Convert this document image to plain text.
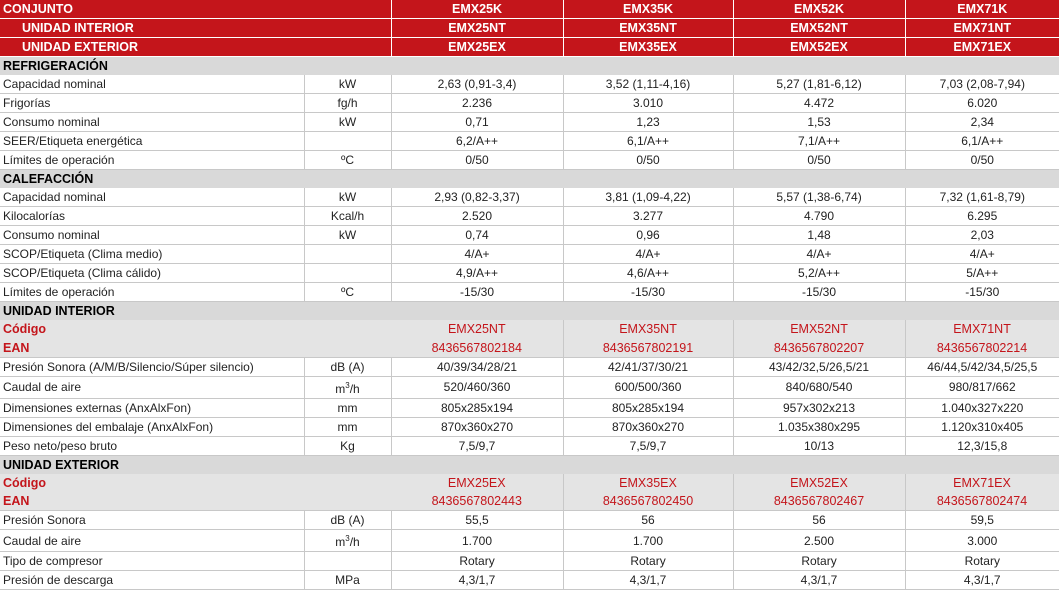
CONJUNTO		EMX25K	EMX35K	EMX52K	EMX71K
UNIDAD INTERIOR		EMX25NT	EMX35NT	EMX52NT	EMX71NT
UNIDAD EXTERIOR		EMX25EX	EMX35EX	EMX52EX	EMX71EX
REFRIGERACIÓN					
Capacidad nominal	kW	2,63 (0,91-3,4)	3,52 (1,11-4,16)	5,27 (1,81-6,12)	7,03 (2,08-7,94)
Frigorías	fg/h	2.236	3.010	4.472	6.020
Consumo nominal	kW	0,71	1,23	1,53	2,34
SEER/Etiqueta energética		6,2/A++	6,1/A++	7,1/A++	6,1/A++
Límites de operación	ºC	0/50	0/50	0/50	0/50
CALEFACCIÓN					
Capacidad nominal	kW	2,93 (0,82-3,37)	3,81 (1,09-4,22)	5,57 (1,38-6,74)	7,32 (1,61-8,79)
Kilocalorías	Kcal/h	2.520	3.277	4.790	6.295
Consumo nominal	kW	0,74	0,96	1,48	2,03
SCOP/Etiqueta (Clima medio)		4/A+	4/A+	4/A+	4/A+
SCOP/Etiqueta (Clima cálido)		4,9/A++	4,6/A++	5,2/A++	5/A++
Límites de operación	ºC	-15/30	-15/30	-15/30	-15/30
UNIDAD INTERIOR					
Código		EMX25NT	EMX35NT	EMX52NT	EMX71NT
EAN		8436567802184	8436567802191	8436567802207	8436567802214
Presión Sonora (A/M/B/Silencio/Súper silencio)	dB (A)	40/39/34/28/21	42/41/37/30/21	43/42/32,5/26,5/21	46/44,5/42/34,5/25,5
Caudal de aire	$m^3/h$	520/460/360	600/500/360	840/680/540	980/817/662
Dimensiones externas (AnxAlxFon)	mm	805x285x194	805x285x194	957x302x213	1.040x327x220
Dimensiones del embalaje (AnxAlxFon)	mm	870x360x270	870x360x270	1.035x380x295	1.120x310x405
Peso neto/peso bruto	Kg	7,5/9,7	7,5/9,7	10/13	12,3/15,8
UNIDAD EXTERIOR					
Código		EMX25EX	EMX35EX	EMX52EX	EMX71EX
EAN		8436567802443	8436567802450	8436567802467	8436567802474
Presión Sonora	dB (A)	55,5	56	56	59,5
Caudal de aire	$m^3/h$	1.700	1.700	2.500	3.000
Tipo de compresor		Rotary	Rotary	Rotary	Rotary
Presión de descarga	MPa	4,3/1,7	4,3/1,7	4,3/1,7	4,3/1,7
